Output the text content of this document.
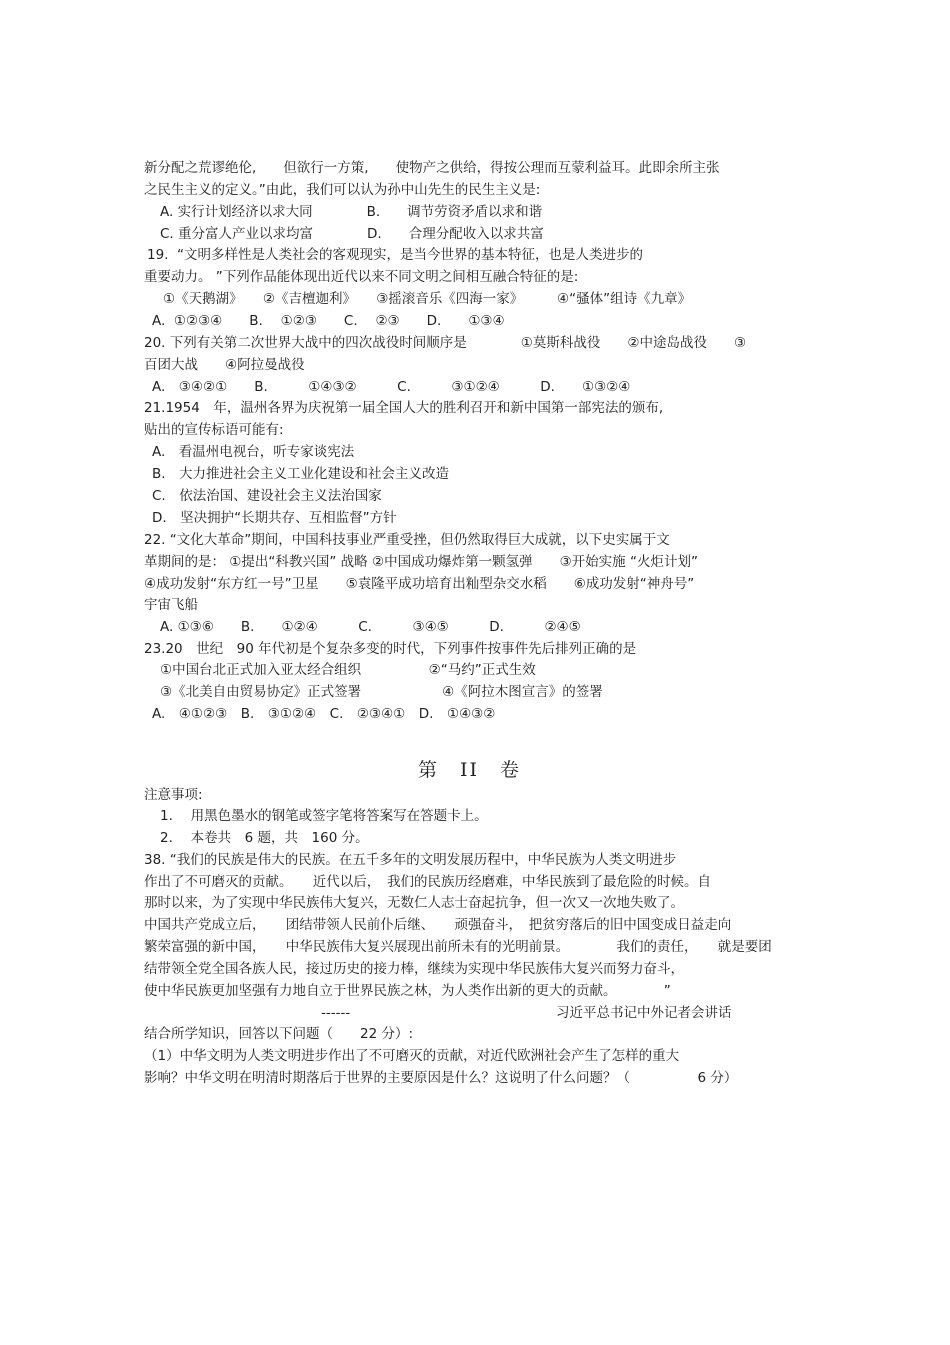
新分配之荒谬绝伦,　　但欲行一方策,　　使物产之供给，得按公理而互蒙利益耳。此即余所主张
之民生主义的定义。”由此，我们可以认为孙中山先生的民生主义是:
A. 实行计划经济以求大同　　　　B.　　调节劳资矛盾以求和谐
C. 重分富人产业以求均富　　　　D.　　合理分配收入以求共富
19.  “文明多样性是人类社会的客观现实，是当今世界的基本特征，也是人类进步的
重要动力。 ”下列作品能体现出近代以来不同文明之间相互融合特征的是:
①《天鹅湖》　　②《吉檀迦利》　　③摇滚音乐《四海一家》　　　④“骚体”组诗《九章》
A.  ①②③④　　B.　 ①②③　　C.　 ②③　　D.　　①③④
20. 下列有关第二次世界大战中的四次战役时间顺序是　　　　①莫斯科战役　　②中途岛战役　　③
百团大战　　④阿拉曼战役
A.　③④②①　　B.　　　①④③②　　　C.　　　③①②④　　　D.　　①③②④
21.1954　年，温州各界为庆祝第一届全国人大的胜利召开和新中国第一部宪法的颁布,
贴出的宣传标语可能有:
A.　看温州电视台，听专家谈宪法
B.　大力推进社会主义工业化建设和社会主义改造
C.　依法治国、建设社会主义法治国家
D.　坚决拥护“长期共存、互相监督”方针
22. “文化大革命”期间，中国科技事业严重受挫，但仍然取得巨大成就，以下史实属于文
革期间的是： ①提出“科教兴国” 战略 ②中国成功爆炸第一颗氢弹　　③开始实施 “火炬计划”
④成功发射“东方红一号”卫星　　⑤袁隆平成功培育出籼型杂交水稻　　⑥成功发射“神舟号”
宇宙飞船
A. ①③⑥　　B.　　①②④　　　C.　　　③④⑤　　　D.　　　②④⑤
23.20　世纪　90 年代初是个复杂多变的时代，下列事件按事件先后排列正确的是
①中国台北正式加入亚太经合组织　　　　　②“马约”正式生效
③《北美自由贸易协定》正式签署　　　　　　④《阿拉木图宣言》的签署
A.　④①②③　B.　③①②④　C.　②③④①　D.　①④③②
第　II　卷
注意事项:
1.　 用黑色墨水的钢笔或签字笔将答案写在答题卡上。
2.　 本卷共　6 题，共　160 分。
38. “我们的民族是伟大的民族。在五千多年的文明发展历程中，中华民族为人类文明进步
作出了不可磨灭的贡献。　　近代以后，　我们的民族历经磨难，中华民族到了最危险的时候。自
那时以来，为了实现中华民族伟大复兴，无数仁人志士奋起抗争，但一次又一次地失败了。
中国共产党成立后，　　团结带领人民前仆后继、　　顽强奋斗，　把贫穷落后的旧中国变成日益走向
繁荣富强的新中国，　　中华民族伟大复兴展现出前所未有的光明前景。　　　　我们的责任，　　就是要团
结带领全党全国各族人民，接过历史的接力棒，继续为实现中华民族伟大复兴而努力奋斗，
使中华民族更加坚强有力地自立于世界民族之林，为人类作出新的更大的贡献。　　　　”
------	习近平总书记中外记者会讲话
结合所学知识，回答以下问题（　　22 分）:
（1）中华文明为人类文明进步作出了不可磨灭的贡献，对近代欧洲社会产生了怎样的重大
影响？中华文明在明清时期落后于世界的主要原因是什么？这说明了什么问题？（　　　　　6 分）
